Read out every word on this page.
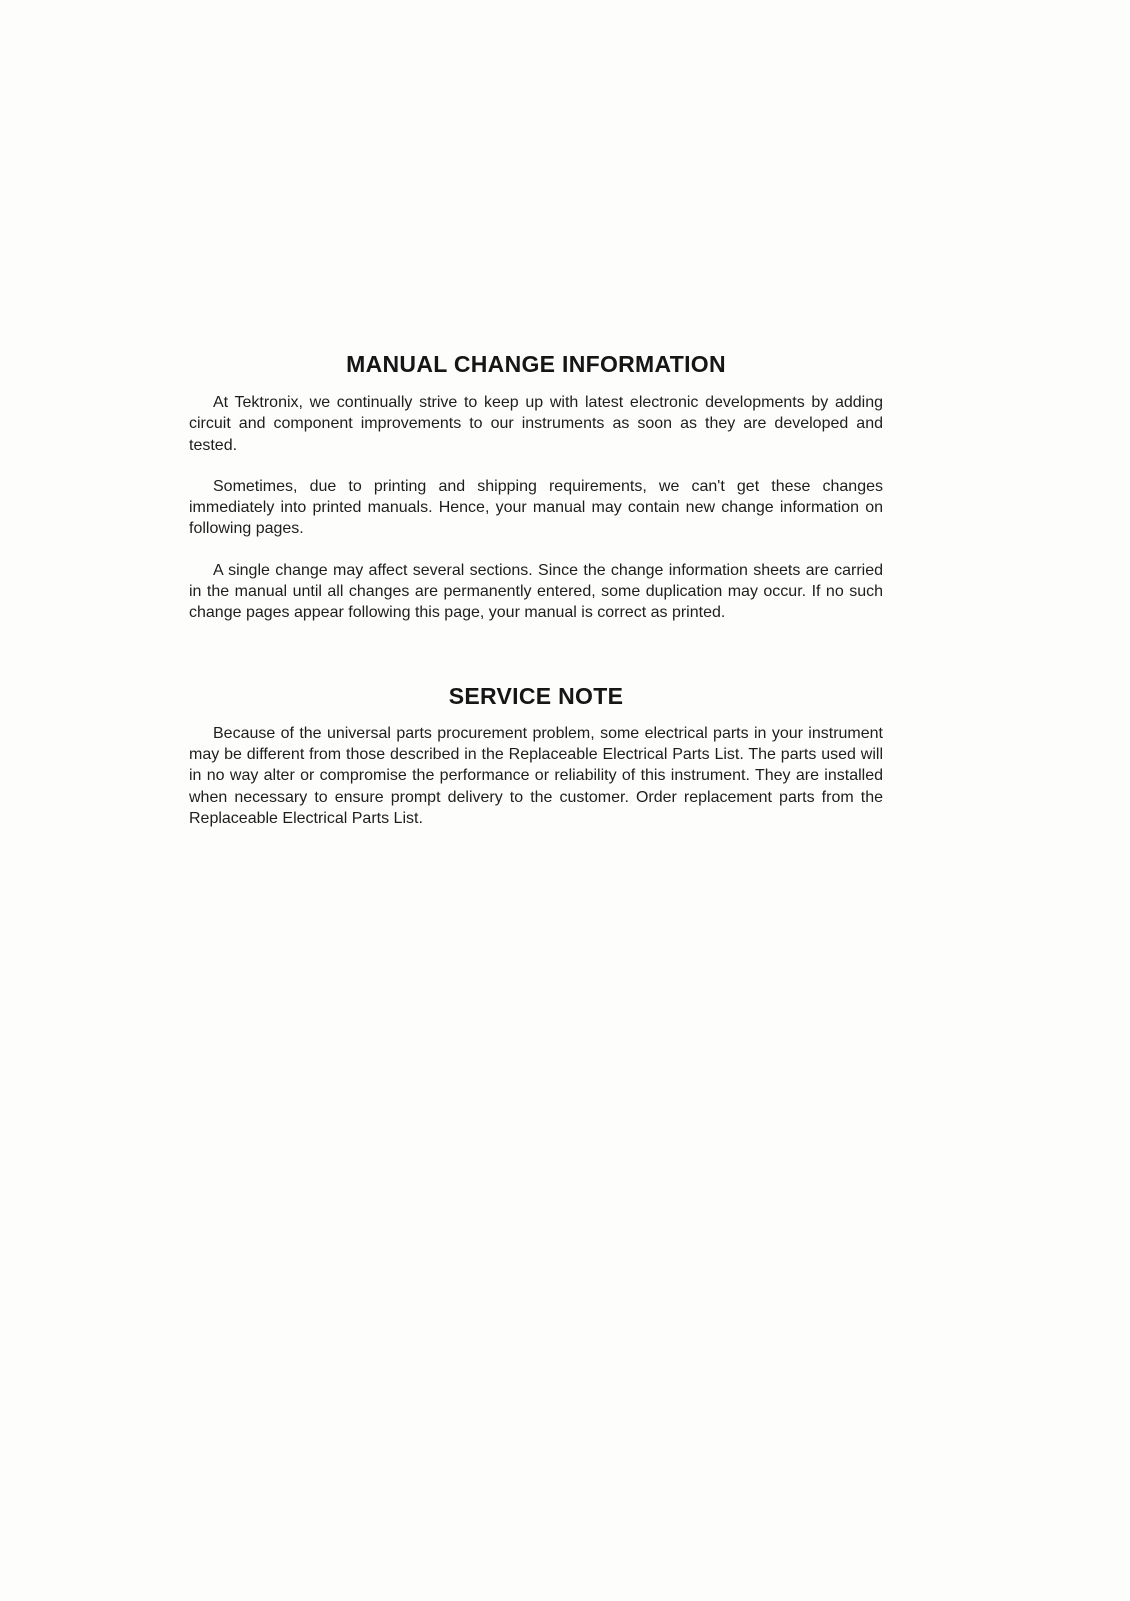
MANUAL CHANGE INFORMATION

At Tektronix, we continually strive to keep up with latest electronic developments by adding circuit and component improvements to our instruments as soon as they are developed and tested.

Sometimes, due to printing and shipping requirements, we can't get these changes immediately into printed manuals. Hence, your manual may contain new change information on following pages.

A single change may affect several sections. Since the change information sheets are carried in the manual until all changes are permanently entered, some duplication may occur. If no such change pages appear following this page, your manual is correct as printed.

SERVICE NOTE

Because of the universal parts procurement problem, some electrical parts in your instrument may be different from those described in the Replaceable Electrical Parts List. The parts used will in no way alter or compromise the performance or reliability of this instrument. They are installed when necessary to ensure prompt delivery to the customer. Order replacement parts from the Replaceable Electrical Parts List.
